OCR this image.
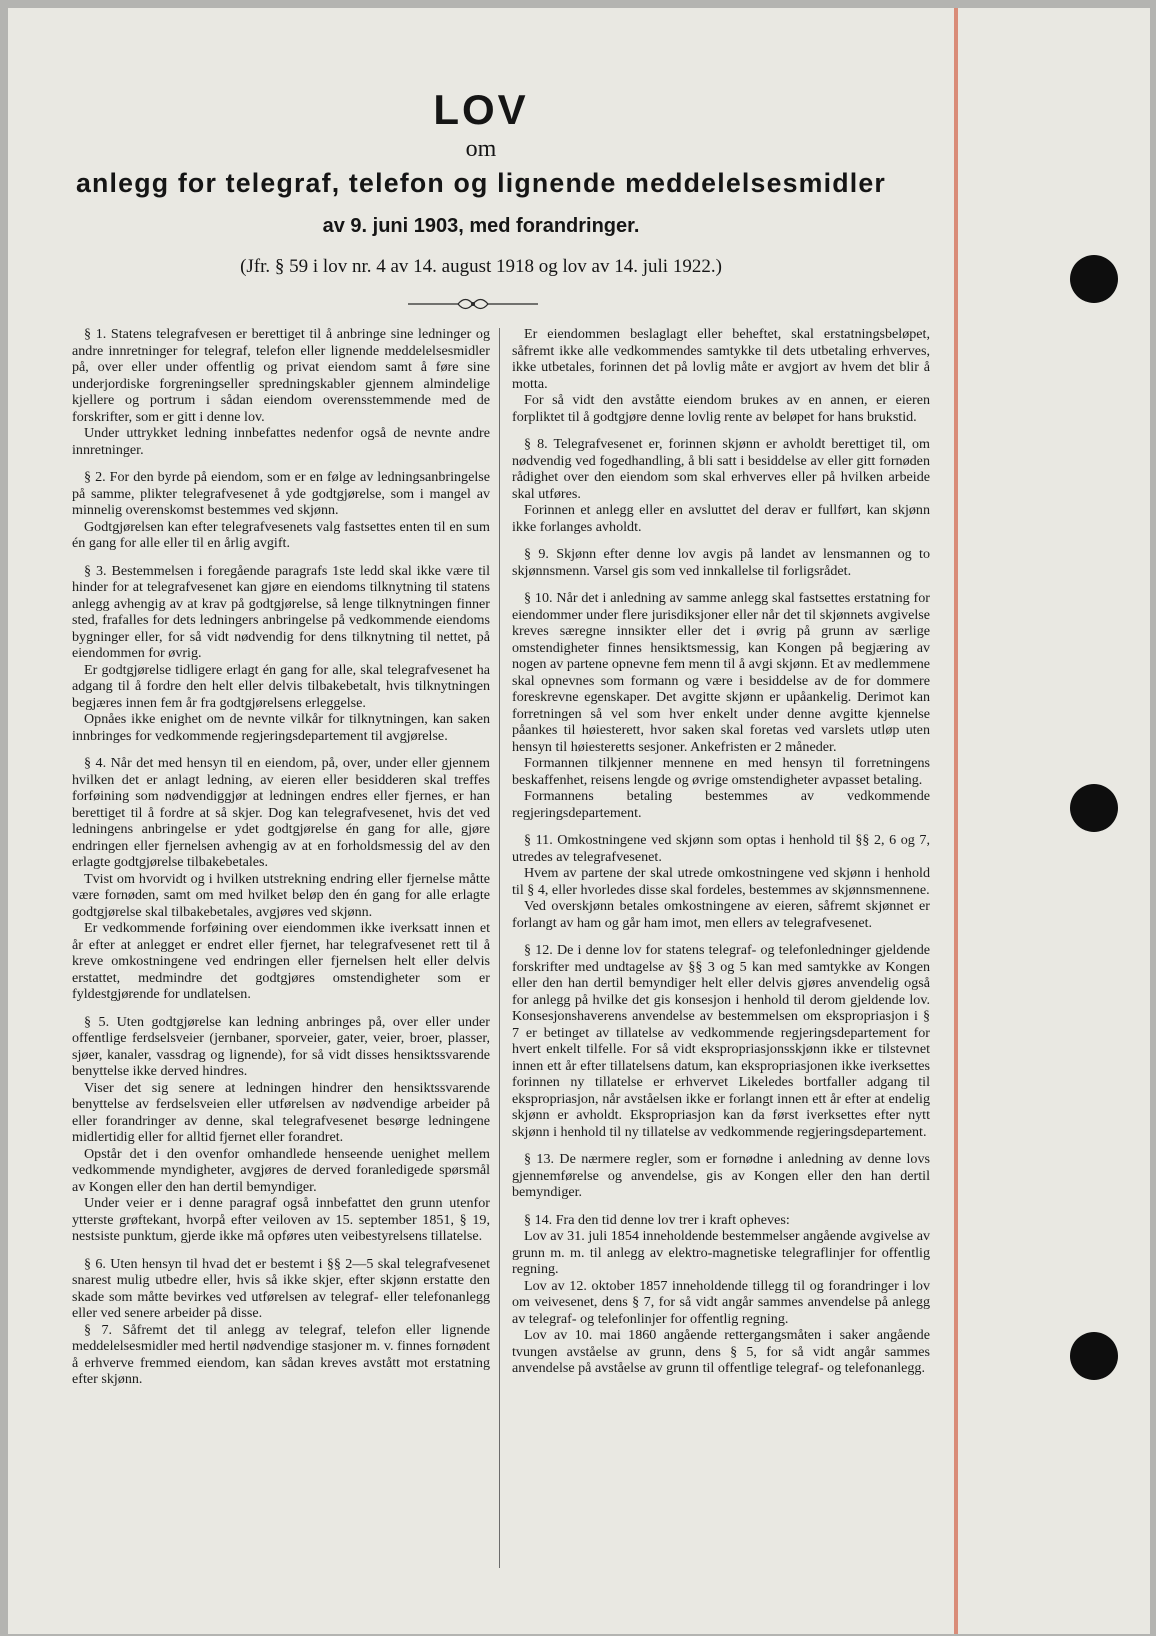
LOV
om
anlegg for telegraf, telefon og lignende meddelelsesmidler
av 9. juni 1903, med forandringer.
(Jfr. § 59 i lov nr. 4 av 14. august 1918 og lov av 14. juli 1922.)

§ 1. Statens telegrafvesen er berettiget til å anbringe sine ledninger og andre innretninger for telegraf, telefon eller lignende meddelelsesmidler på, over eller under offentlig og privat eiendom samt å føre sine underjordiske forgreningseller spredningskabler gjennem almindelige kjellere og portrum i sådan eiendom overensstemmende med de forskrifter, som er gitt i denne lov.

Under uttrykket ledning innbefattes nedenfor også de nevnte andre innretninger.

§ 2. For den byrde på eiendom, som er en følge av ledningsanbringelse på samme, plikter telegrafvesenet å yde godtgjørelse, som i mangel av minnelig overenskomst bestemmes ved skjønn.

Godtgjørelsen kan efter telegrafvesenets valg fastsettes enten til en sum én gang for alle eller til en årlig avgift.

§ 3. Bestemmelsen i foregående paragrafs 1ste ledd skal ikke være til hinder for at telegrafvesenet kan gjøre en eiendoms tilknytning til statens anlegg avhengig av at krav på godtgjørelse, så lenge tilknytningen finner sted, frafalles for dets ledningers anbringelse på vedkommende eiendoms bygninger eller, for så vidt nødvendig for dens tilknytning til nettet, på eiendommen for øvrig.

Er godtgjørelse tidligere erlagt én gang for alle, skal telegrafvesenet ha adgang til å fordre den helt eller delvis tilbakebetalt, hvis tilknytningen begjæres innen fem år fra godtgjørelsens erleggelse.

Opnåes ikke enighet om de nevnte vilkår for tilknytningen, kan saken innbringes for vedkommende regjeringsdepartement til avgjørelse.

§ 4. Når det med hensyn til en eiendom, på, over, under eller gjennem hvilken det er anlagt ledning, av eieren eller besidderen skal treffes forføining som nødvendiggjør at ledningen endres eller fjernes, er han berettiget til å fordre at så skjer. Dog kan telegrafvesenet, hvis det ved ledningens anbringelse er ydet godtgjørelse én gang for alle, gjøre endringen eller fjernelsen avhengig av at en forholdsmessig del av den erlagte godtgjørelse tilbakebetales.

Tvist om hvorvidt og i hvilken utstrekning endring eller fjernelse måtte være fornøden, samt om med hvilket beløp den én gang for alle erlagte godtgjørelse skal tilbakebetales, avgjøres ved skjønn.

Er vedkommende forføining over eiendommen ikke iverksatt innen et år efter at anlegget er endret eller fjernet, har telegrafvesenet rett til å kreve omkostningene ved endringen eller fjernelsen helt eller delvis erstattet, medmindre det godtgjøres omstendigheter som er fyldestgjørende for undlatelsen.

§ 5. Uten godtgjørelse kan ledning anbringes på, over eller under offentlige ferdselsveier (jernbaner, sporveier, gater, veier, broer, plasser, sjøer, kanaler, vassdrag og lignende), for så vidt disses hensiktssvarende benyttelse ikke derved hindres.

Viser det sig senere at ledningen hindrer den hensiktssvarende benyttelse av ferdselsveien eller utførelsen av nødvendige arbeider på eller forandringer av denne, skal telegrafvesenet besørge ledningene midlertidig eller for alltid fjernet eller forandret.

Opstår det i den ovenfor omhandlede henseende uenighet mellem vedkommende myndigheter, avgjøres de derved foranledigede spørsmål av Kongen eller den han dertil bemyndiger.

Under veier er i denne paragraf også innbefattet den grunn utenfor ytterste grøftekant, hvorpå efter veiloven av 15. september 1851, § 19, nestsiste punktum, gjerde ikke må opføres uten veibestyrelsens tillatelse.

§ 6. Uten hensyn til hvad det er bestemt i §§ 2—5 skal telegrafvesenet snarest mulig utbedre eller, hvis så ikke skjer, efter skjønn erstatte den skade som måtte bevirkes ved utførelsen av telegraf- eller telefonanlegg eller ved senere arbeider på disse.

§ 7. Såfremt det til anlegg av telegraf, telefon eller lignende meddelelsesmidler med hertil nødvendige stasjoner m. v. finnes fornødent å erhverve fremmed eiendom, kan sådan kreves avstått mot erstatning efter skjønn.

Er eiendommen beslaglagt eller beheftet, skal erstatningsbeløpet, såfremt ikke alle vedkommendes samtykke til dets utbetaling erhverves, ikke utbetales, forinnen det på lovlig måte er avgjort av hvem det blir å motta.

For så vidt den avståtte eiendom brukes av en annen, er eieren forpliktet til å godtgjøre denne lovlig rente av beløpet for hans brukstid.

§ 8. Telegrafvesenet er, forinnen skjønn er avholdt berettiget til, om nødvendig ved fogedhandling, å bli satt i besiddelse av eller gitt fornøden rådighet over den eiendom som skal erhverves eller på hvilken arbeide skal utføres.

Forinnen et anlegg eller en avsluttet del derav er fullført, kan skjønn ikke forlanges avholdt.

§ 9. Skjønn efter denne lov avgis på landet av lensmannen og to skjønnsmenn. Varsel gis som ved innkallelse til forligsrådet.

§ 10. Når det i anledning av samme anlegg skal fastsettes erstatning for eiendommer under flere jurisdiksjoner eller når det til skjønnets avgivelse kreves særegne innsikter eller det i øvrig på grunn av særlige omstendigheter finnes hensiktsmessig, kan Kongen på begjæring av nogen av partene opnevne fem menn til å avgi skjønn. Et av medlemmene skal opnevnes som formann og være i besiddelse av de for dommere foreskrevne egenskaper. Det avgitte skjønn er upåankelig. Derimot kan forretningen så vel som hver enkelt under denne avgitte kjennelse påankes til høiesterett, hvor saken skal foretas ved varslets utløp uten hensyn til høiesteretts sesjoner. Ankefristen er 2 måneder.

Formannen tilkjenner mennene en med hensyn til forretningens beskaffenhet, reisens lengde og øvrige omstendigheter avpasset betaling.

Formannens betaling bestemmes av vedkommende regjeringsdepartement.

§ 11. Omkostningene ved skjønn som optas i henhold til §§ 2, 6 og 7, utredes av telegrafvesenet.

Hvem av partene der skal utrede omkostningene ved skjønn i henhold til § 4, eller hvorledes disse skal fordeles, bestemmes av skjønnsmennene.

Ved overskjønn betales omkostningene av eieren, såfremt skjønnet er forlangt av ham og går ham imot, men ellers av telegrafvesenet.

§ 12. De i denne lov for statens telegraf- og telefonledninger gjeldende forskrifter med undtagelse av §§ 3 og 5 kan med samtykke av Kongen eller den han dertil bemyndiger helt eller delvis gjøres anvendelig også for anlegg på hvilke det gis konsesjon i henhold til derom gjeldende lov. Konsesjonshaverens anvendelse av bestemmelsen om ekspropriasjon i § 7 er betinget av tillatelse av vedkommende regjeringsdepartement for hvert enkelt tilfelle. For så vidt ekspropriasjonsskjønn ikke er tilstevnet innen ett år efter tillatelsens datum, kan ekspropriasjonen ikke iverksettes forinnen ny tillatelse er erhvervet Likeledes bortfaller adgang til ekspropriasjon, når avståelsen ikke er forlangt innen ett år efter at endelig skjønn er avholdt. Ekspropriasjon kan da først iverksettes efter nytt skjønn i henhold til ny tillatelse av vedkommende regjeringsdepartement.

§ 13. De nærmere regler, som er fornødne i anledning av denne lovs gjennemførelse og anvendelse, gis av Kongen eller den han dertil bemyndiger.

§ 14. Fra den tid denne lov trer i kraft opheves:

Lov av 31. juli 1854 inneholdende bestemmelser angående avgivelse av grunn m. m. til anlegg av elektro-magnetiske telegraflinjer for offentlig regning.

Lov av 12. oktober 1857 inneholdende tillegg til og forandringer i lov om veivesenet, dens § 7, for så vidt angår sammes anvendelse på anlegg av telegraf- og telefonlinjer for offentlig regning.

Lov av 10. mai 1860 angående rettergangsmåten i saker angående tvungen avståelse av grunn, dens § 5, for så vidt angår sammes anvendelse på avståelse av grunn til offentlige telegraf- og telefonanlegg.
